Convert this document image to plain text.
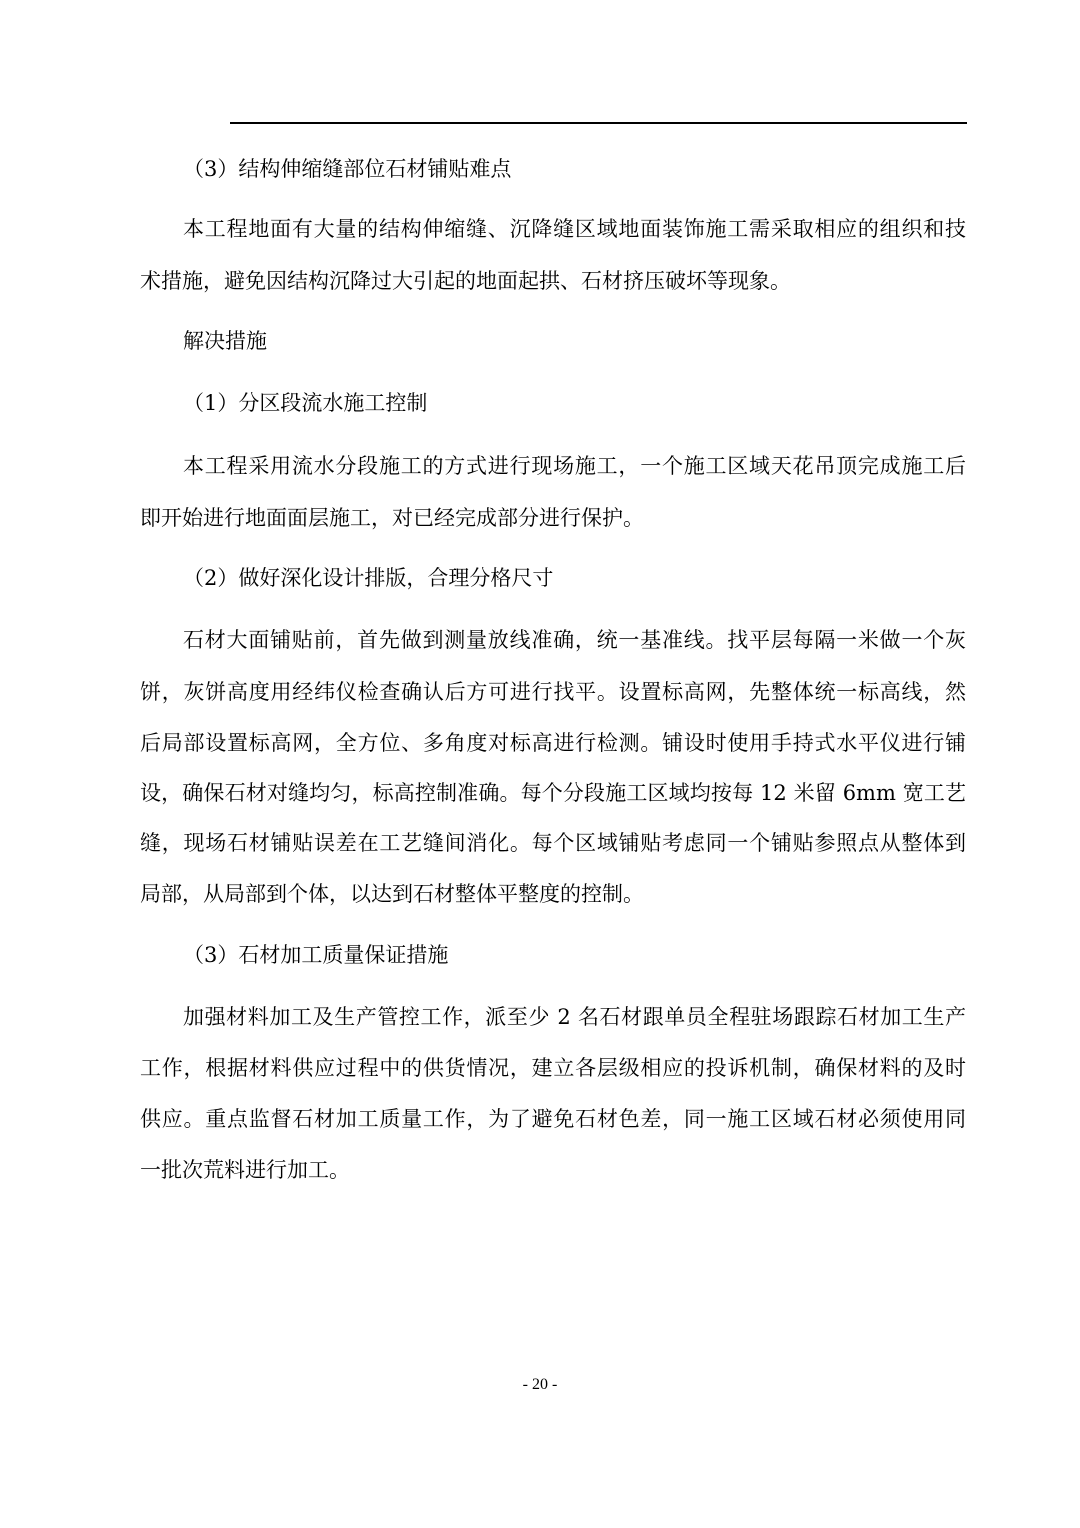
（3）结构伸缩缝部位石材铺贴难点

本工程地面有大量的结构伸缩缝、沉降缝区域地面装饰施工需采取相应的组织和技

术措施，避免因结构沉降过大引起的地面起拱、石材挤压破坏等现象。

解决措施

（1）分区段流水施工控制

本工程采用流水分段施工的方式进行现场施工，一个施工区域天花吊顶完成施工后

即开始进行地面面层施工，对已经完成部分进行保护。

（2）做好深化设计排版，合理分格尺寸

石材大面铺贴前，首先做到测量放线准确，统一基准线。找平层每隔一米做一个灰

饼，灰饼高度用经纬仪检查确认后方可进行找平。设置标高网，先整体统一标高线，然

后局部设置标高网，全方位、多角度对标高进行检测。铺设时使用手持式水平仪进行铺

设，确保石材对缝均匀，标高控制准确。每个分段施工区域均按每 12 米留 6mm 宽工艺

缝，现场石材铺贴误差在工艺缝间消化。每个区域铺贴考虑同一个铺贴参照点从整体到

局部，从局部到个体，以达到石材整体平整度的控制。

（3）石材加工质量保证措施

加强材料加工及生产管控工作，派至少 2 名石材跟单员全程驻场跟踪石材加工生产

工作，根据材料供应过程中的供货情况，建立各层级相应的投诉机制，确保材料的及时

供应。重点监督石材加工质量工作，为了避免石材色差，同一施工区域石材必须使用同

一批次荒料进行加工。

- 20 -
